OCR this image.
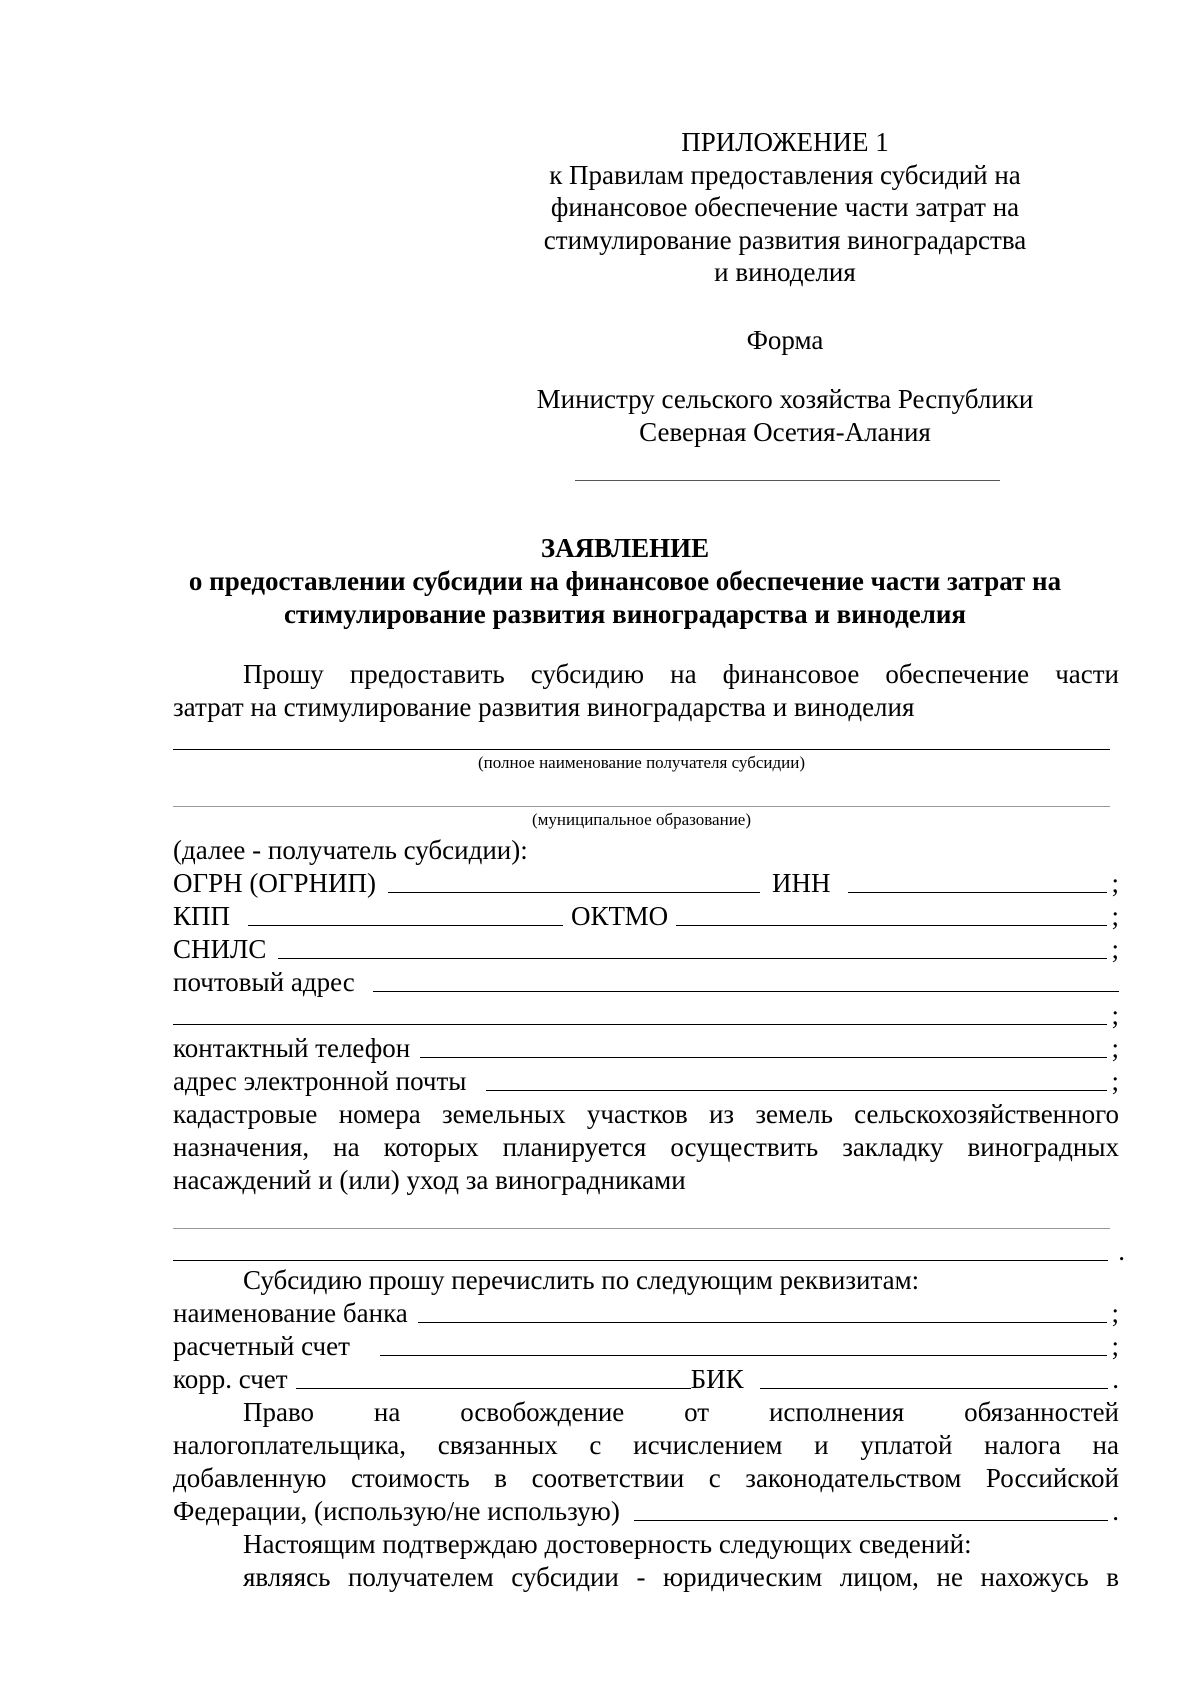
ПРИЛОЖЕНИЕ 1
к Правилам предоставления субсидий на
финансовое обеспечение части затрат на
стимулирование развития виноградарства
и виноделия
Форма
Министру сельского хозяйства Республики
Северная Осетия-Алания
ЗАЯВЛЕНИЕ
о предоставлении субсидии на финансовое обеспечение части затрат на
стимулирование развития виноградарства и виноделия
Прошу предоставить субсидию на финансовое обеспечение части
затрат на стимулирование развития виноградарства и виноделия
(полное наименование получателя субсидии)
(муниципальное образование)
(далее - получатель субсидии):
ОГРН (ОГРНИП)	ИНН	;
КПП	ОКТМО	;
СНИЛС	;
почтовый адрес
;
контактный телефон	;
адрес электронной почты	;
кадастровые номера земельных участков из земель сельскохозяйственного
назначения, на которых планируется осуществить закладку виноградных
насаждений и (или) уход за виноградниками
.
Субсидию прошу перечислить по следующим реквизитам:
наименование банка	;
расчетный счет	;
корр. счет	БИК	.
Право на освобождение от исполнения обязанностей
налогоплательщика, связанных с исчислением и уплатой налога на
добавленную стоимость в соответствии с законодательством Российской
Федерации, (использую/не использую)	.
Настоящим подтверждаю достоверность следующих сведений:
являясь получателем субсидии - юридическим лицом, не нахожусь в
